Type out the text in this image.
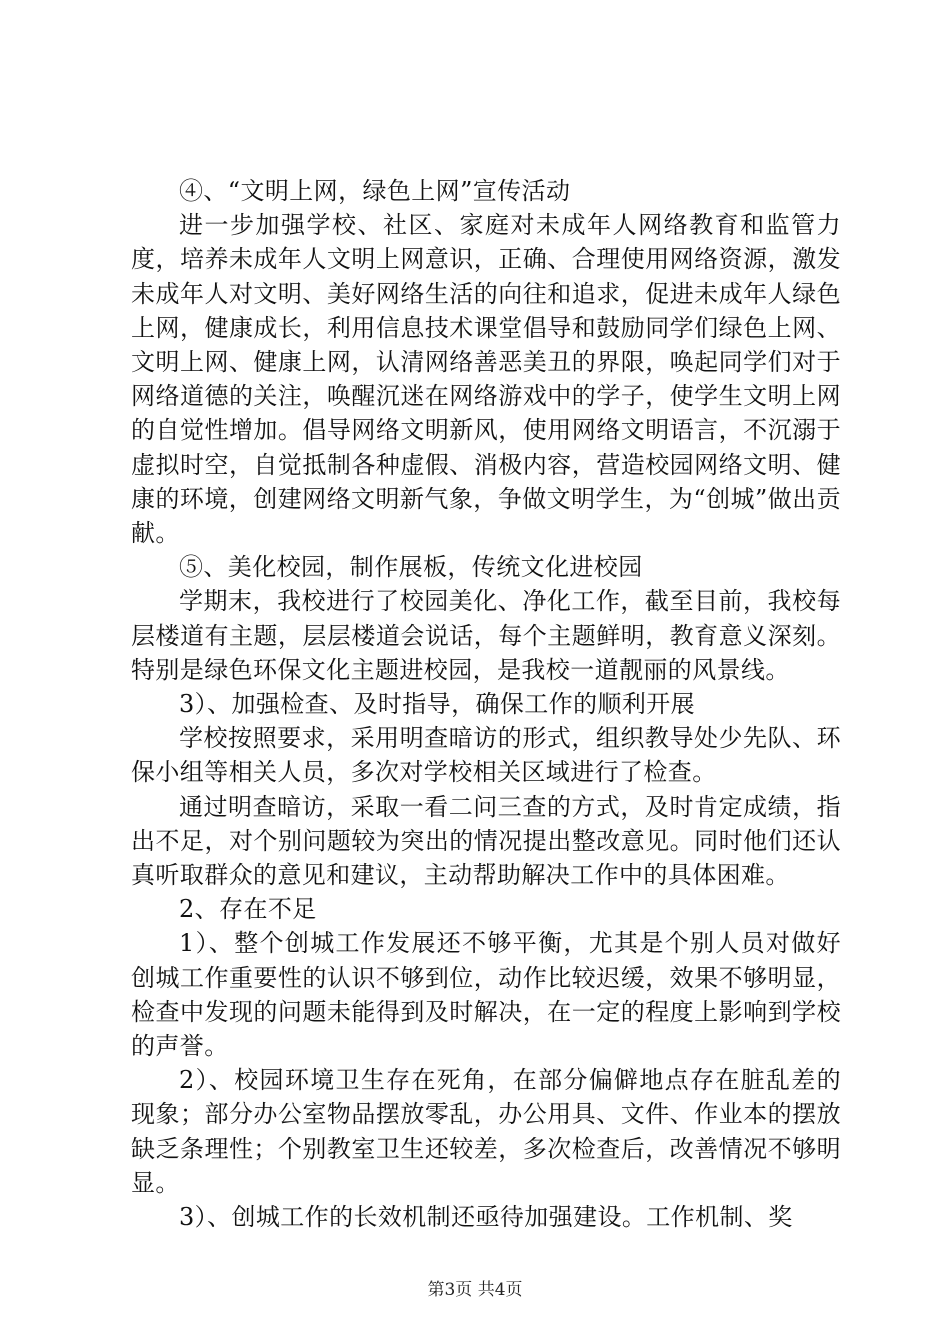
④、“文明上网，绿色上网”宣传活动

进一步加强学校、社区、家庭对未成年人网络教育和监管力度，培养未成年人文明上网意识，正确、合理使用网络资源，激发未成年人对文明、美好网络生活的向往和追求，促进未成年人绿色上网，健康成长，利用信息技术课堂倡导和鼓励同学们绿色上网、文明上网、健康上网，认清网络善恶美丑的界限，唤起同学们对于网络道德的关注，唤醒沉迷在网络游戏中的学子，使学生文明上网的自觉性增加。倡导网络文明新风，使用网络文明语言，不沉溺于虚拟时空，自觉抵制各种虚假、消极内容，营造校园网络文明、健康的环境，创建网络文明新气象，争做文明学生，为“创城”做出贡献。

⑤、美化校园，制作展板，传统文化进校园

学期末，我校进行了校园美化、净化工作，截至目前，我校每层楼道有主题，层层楼道会说话，每个主题鲜明，教育意义深刻。特别是绿色环保文化主题进校园，是我校一道靓丽的风景线。

3）、加强检查、及时指导，确保工作的顺利开展

学校按照要求，采用明查暗访的形式，组织教导处少先队、环保小组等相关人员，多次对学校相关区域进行了检查。

通过明查暗访，采取一看二问三查的方式，及时肯定成绩，指出不足，对个别问题较为突出的情况提出整改意见。同时他们还认真听取群众的意见和建议，主动帮助解决工作中的具体困难。

2、存在不足

1）、整个创城工作发展还不够平衡，尤其是个别人员对做好创城工作重要性的认识不够到位，动作比较迟缓，效果不够明显，检查中发现的问题未能得到及时解决，在一定的程度上影响到学校的声誉。

2）、校园环境卫生存在死角，在部分偏僻地点存在脏乱差的现象；部分办公室物品摆放零乱，办公用具、文件、作业本的摆放缺乏条理性；个别教室卫生还较差，多次检查后，改善情况不够明显。

3）、创城工作的长效机制还亟待加强建设。工作机制、奖

第3页 共4页
